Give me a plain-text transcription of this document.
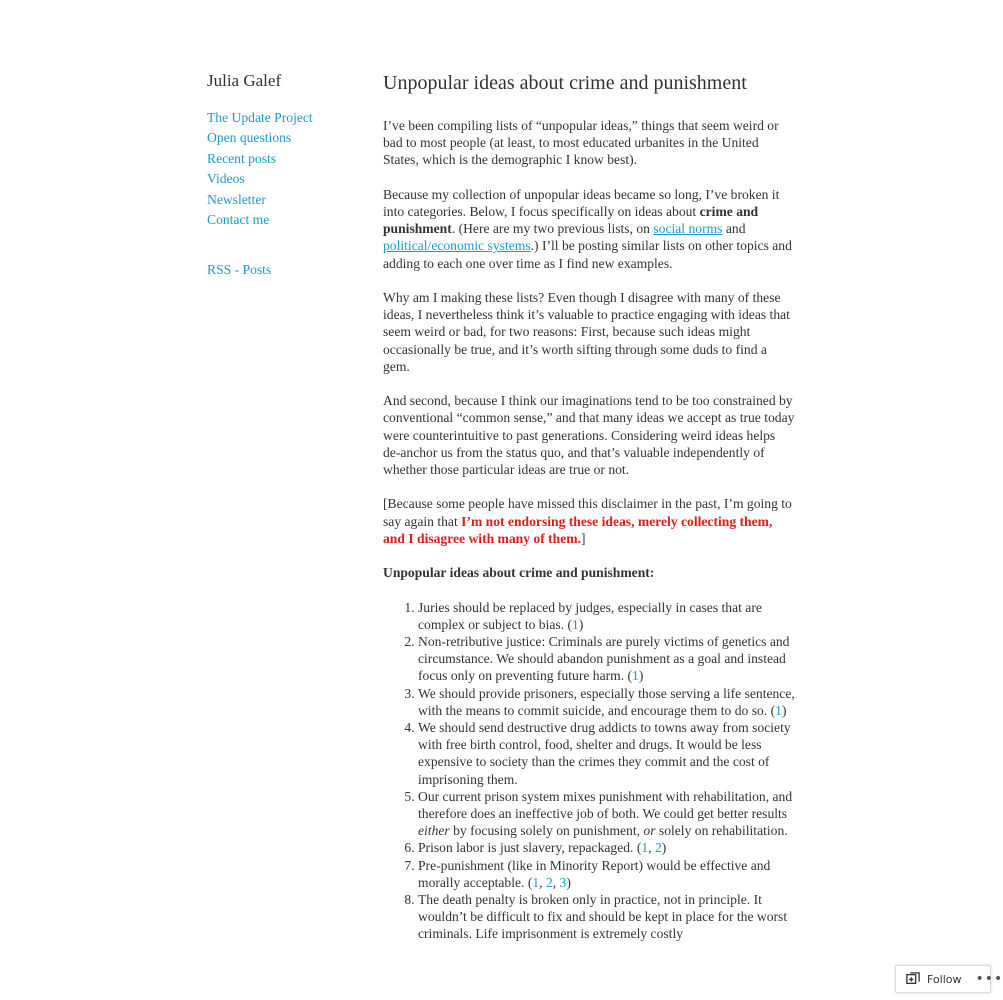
Julia Galef
The Update Project
Open questions
Recent posts
Videos
Newsletter
Contact me
RSS - Posts
Unpopular ideas about crime and punishment

I’ve been compiling lists of “unpopular ideas,” things that seem weird or bad to most people (at least, to most educated urbanites in the United States, which is the demographic I know best).

Because my collection of unpopular ideas became so long, I’ve broken it into categories. Below, I focus specifically on ideas about crime and punishment. (Here are my two previous lists, on social norms and political/economic systems.) I’ll be posting similar lists on other topics and adding to each one over time as I find new examples.

Why am I making these lists? Even though I disagree with many of these ideas, I nevertheless think it’s valuable to practice engaging with ideas that seem weird or bad, for two reasons: First, because such ideas might occasionally be true, and it’s worth sifting through some duds to find a gem.

And second, because I think our imaginations tend to be too constrained by conventional “common sense,” and that many ideas we accept as true today were counterintuitive to past generations. Considering weird ideas helps de-anchor us from the status quo, and that’s valuable independently of whether those particular ideas are true or not.

[Because some people have missed this disclaimer in the past, I’m going to say again that I’m not endorsing these ideas, merely collecting them, and I disagree with many of them.]

Unpopular ideas about crime and punishment:

1. Juries should be replaced by judges, especially in cases that are complex or subject to bias. (1)
2. Non-retributive justice: Criminals are purely victims of genetics and circumstance. We should abandon punishment as a goal and instead focus only on preventing future harm. (1)
3. We should provide prisoners, especially those serving a life sentence, with the means to commit suicide, and encourage them to do so. (1)
4. We should send destructive drug addicts to towns away from society with free birth control, food, shelter and drugs. It would be less expensive to society than the crimes they commit and the cost of imprisoning them.
5. Our current prison system mixes punishment with rehabilitation, and therefore does an ineffective job of both. We could get better results either by focusing solely on punishment, or solely on rehabilitation.
6. Prison labor is just slavery, repackaged. (1, 2)
7. Pre-punishment (like in Minority Report) would be effective and morally acceptable. (1, 2, 3)
8. The death penalty is broken only in practice, not in principle. It wouldn’t be difficult to fix and should be kept in place for the worst criminals. Life imprisonment is extremely costly
Follow •••
